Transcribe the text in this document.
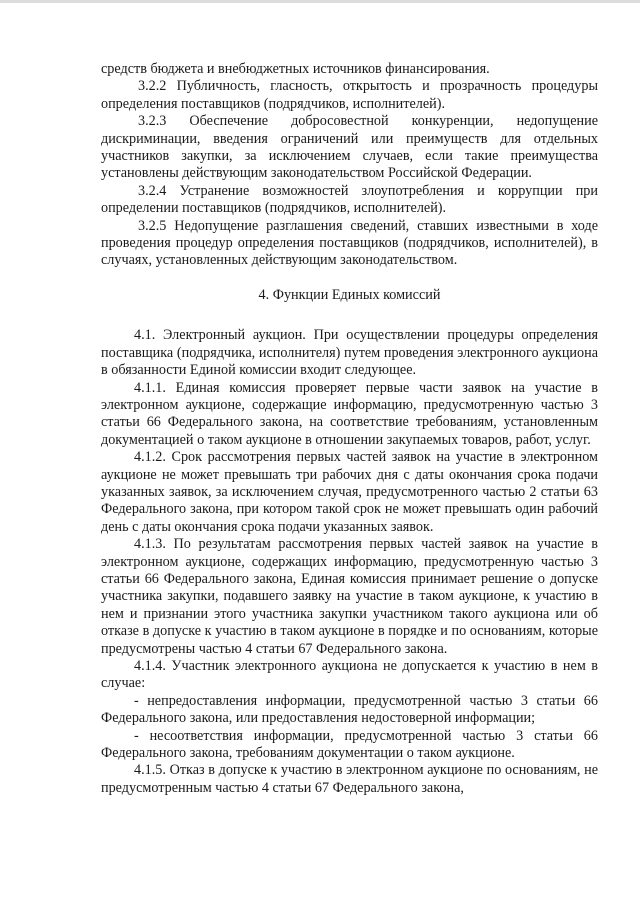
средств бюджета и внебюджетных источников финансирования.

3.2.2 Публичность, гласность, открытость и прозрачность процедуры определения поставщиков (подрядчиков, исполнителей).

3.2.3 Обеспечение добросовестной конкуренции, недопущение дискриминации, введения ограничений или преимуществ для отдельных участников закупки, за исключением случаев, если такие преимущества установлены действующим законодательством Российской Федерации.

3.2.4 Устранение возможностей злоупотребления и коррупции при определении поставщиков (подрядчиков, исполнителей).

3.2.5 Недопущение разглашения сведений, ставших известными в ходе проведения процедур определения поставщиков (подрядчиков, исполнителей), в случаях, установленных действующим законодательством.

4. Функции Единых комиссий

4.1. Электронный аукцион. При осуществлении процедуры определения поставщика (подрядчика, исполнителя) путем проведения электронного аукциона в обязанности Единой комиссии входит следующее.

4.1.1. Единая комиссия проверяет первые части заявок на участие в электронном аукционе, содержащие информацию, предусмотренную частью 3 статьи 66 Федерального закона, на соответствие требованиям, установленным документацией о таком аукционе в отношении закупаемых товаров, работ, услуг.

4.1.2. Срок рассмотрения первых частей заявок на участие в электронном аукционе не может превышать три рабочих дня с даты окончания срока подачи указанных заявок, за исключением случая, предусмотренного частью 2 статьи 63 Федерального закона, при котором такой срок не может превышать один рабочий день с даты окончания срока подачи указанных заявок.

4.1.3. По результатам рассмотрения первых частей заявок на участие в электронном аукционе, содержащих информацию, предусмотренную частью 3 статьи 66 Федерального закона, Единая комиссия принимает решение о допуске участника закупки, подавшего заявку на участие в таком аукционе, к участию в нем и признании этого участника закупки участником такого аукциона или об отказе в допуске к участию в таком аукционе в порядке и по основаниям, которые предусмотрены частью 4 статьи 67 Федерального закона.

4.1.4. Участник электронного аукциона не допускается к участию в нем в случае:

- непредоставления информации, предусмотренной частью 3 статьи 66 Федерального закона, или предоставления недостоверной информации;

- несоответствия информации, предусмотренной частью 3 статьи 66 Федерального закона, требованиям документации о таком аукционе.

4.1.5. Отказ в допуске к участию в электронном аукционе по основаниям, не предусмотренным частью 4 статьи 67 Федерального закона,
